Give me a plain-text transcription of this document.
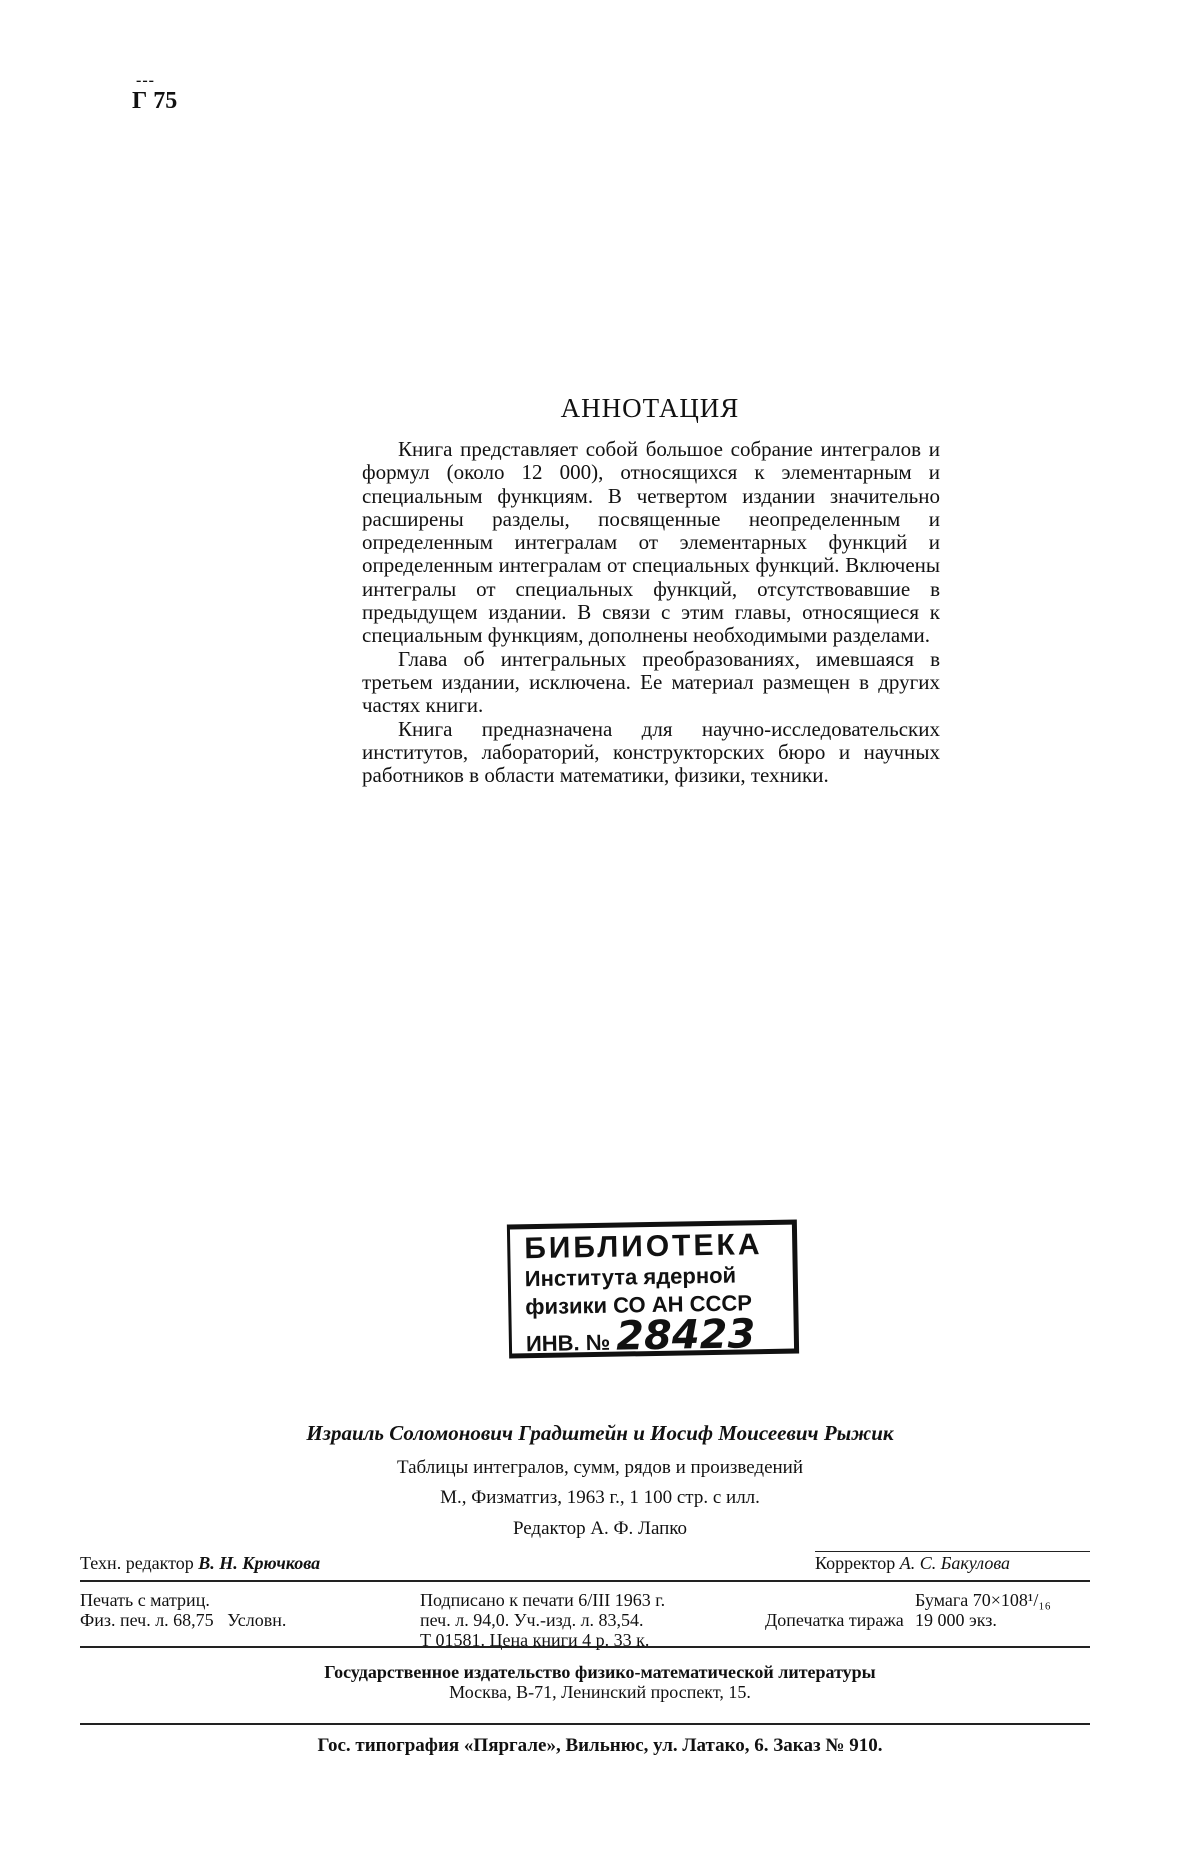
---
Г 75
АННОТАЦИЯ

Книга представляет собой большое собрание интегралов и формул (около 12 000), относящихся к элементарным и специальным функциям. В четвертом издании значительно расширены разделы, посвященные неопределенным и определенным интегралам от элементарных функций и определенным интегралам от специальных функций. Включены интегралы от специальных функций, отсутствовавшие в предыдущем издании. В связи с этим главы, относящиеся к специальным функциям, дополнены необходимыми разделами.

Глава об интегральных преобразованиях, имевшаяся в третьем издании, исключена. Ее материал размещен в других частях книги.

Книга предназначена для научно-исследовательских институтов, лабораторий, конструкторских бюро и научных работников в области математики, физики, техники.

БИБЛИОТЕКА
Института ядерной
физики СО АН СССР
ИНВ. № 28423
Израиль Соломонович Градштейн и Иосиф Моисеевич Рыжик
Таблицы интегралов, сумм, рядов и произведений
М., Физматгиз, 1963 г., 1 100 стр. с илл.
Редактор А. Ф. Лапко
Техн. редактор В. Н. Крючкова	Корректор А. С. Бакулова
Печать с матриц.
Физ. печ. л. 68,75 Условн.
Подписано к печати 6/III 1963 г.
печ. л. 94,0. Уч.-изд. л. 83,54.
Т 01581. Цена книги 4 р. 33 к.
Допечатка тиража
Бумага 70×108¹/₁₆
19 000 экз.
Государственное издательство физико-математической литературы
Москва, В-71, Ленинский проспект, 15.
Гос. типография «Пяргале», Вильнюс, ул. Латако, 6. Заказ № 910.
